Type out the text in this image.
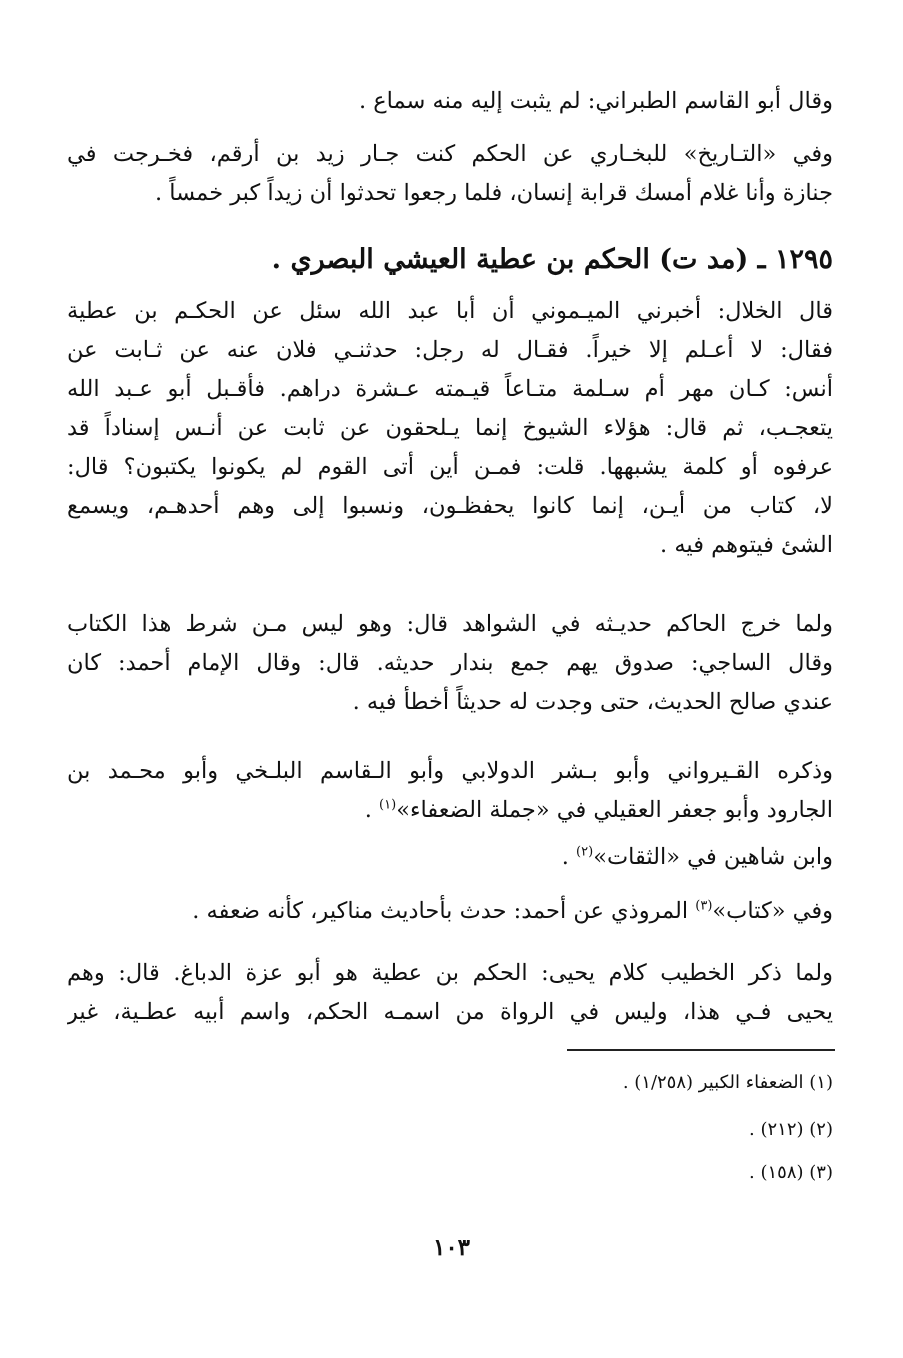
وقال أبو القاسم الطبراني: لم يثبت إليه منه سماع .
وفي «التـاريخ» للبخـاري عن الحكم كنت جـار زيد بن أرقم، فخـرجت في
جنازة وأنا غلام أمسك قرابة إنسان، فلما رجعوا تحدثوا أن زيداً كبر خمساً .
١٢٩٥ ـ (مد ت) الحكم بن عطية العيشي البصري .
قال الخلال: أخبرني الميـموني أن أبا عبد الله سئل عن الحكـم بن عطية
فقال: لا أعـلم إلا خيراً. فقـال له رجل: حدثنـي فلان عنه عن ثـابت عن
أنس: كـان مهر أم سـلمة متـاعاً قيـمته عـشرة دراهم. فأقـبل أبو عـبد الله
يتعجـب، ثم قال: هؤلاء الشيوخ إنما يـلحقون عن ثابت عن أنـس إسناداً قد
عرفوه أو كلمة يشبهها. قلت: فمـن أين أتى القوم لم يكونوا يكتبون؟ قال:
لا، كتاب من أيـن، إنما كانوا يحفظـون، ونسبوا إلى وهم أحدهـم، ويسمع
الشئ فيتوهم فيه .
ولما خرج الحاكم حديـثه في الشواهد قال: وهو ليس مـن شرط هذا الكتاب
وقال الساجي: صدوق يهم جمع بندار حديثه. قال: وقال الإمام أحمد: كان
عندي صالح الحديث، حتى وجدت له حديثاً أخطأ فيه .
وذكره القـيرواني وأبو بـشر الدولابي وأبو الـقاسم البلـخي وأبو محـمد بن
الجارود وأبو جعفر العقيلي في «جملة الضعفاء»$^{(١)}$ .
وابن شاهين في «الثقات»$^{(٢)}$ .
وفي «كتاب»$^{(٣)}$ المروذي عن أحمد: حدث بأحاديث مناكير، كأنه ضعفه .
ولما ذكر الخطيب كلام يحيى: الحكم بن عطية هو أبو عزة الدباغ. قال: وهم
يحيى فـي هذا، وليس في الرواة من اسمـه الحكم، واسم أبيه عطـية، غير
(١) الضعفاء الكبير (١/٢٥٨) .
(٢) (٢١٢) .
(٣) (١٥٨) .
١٠٣
